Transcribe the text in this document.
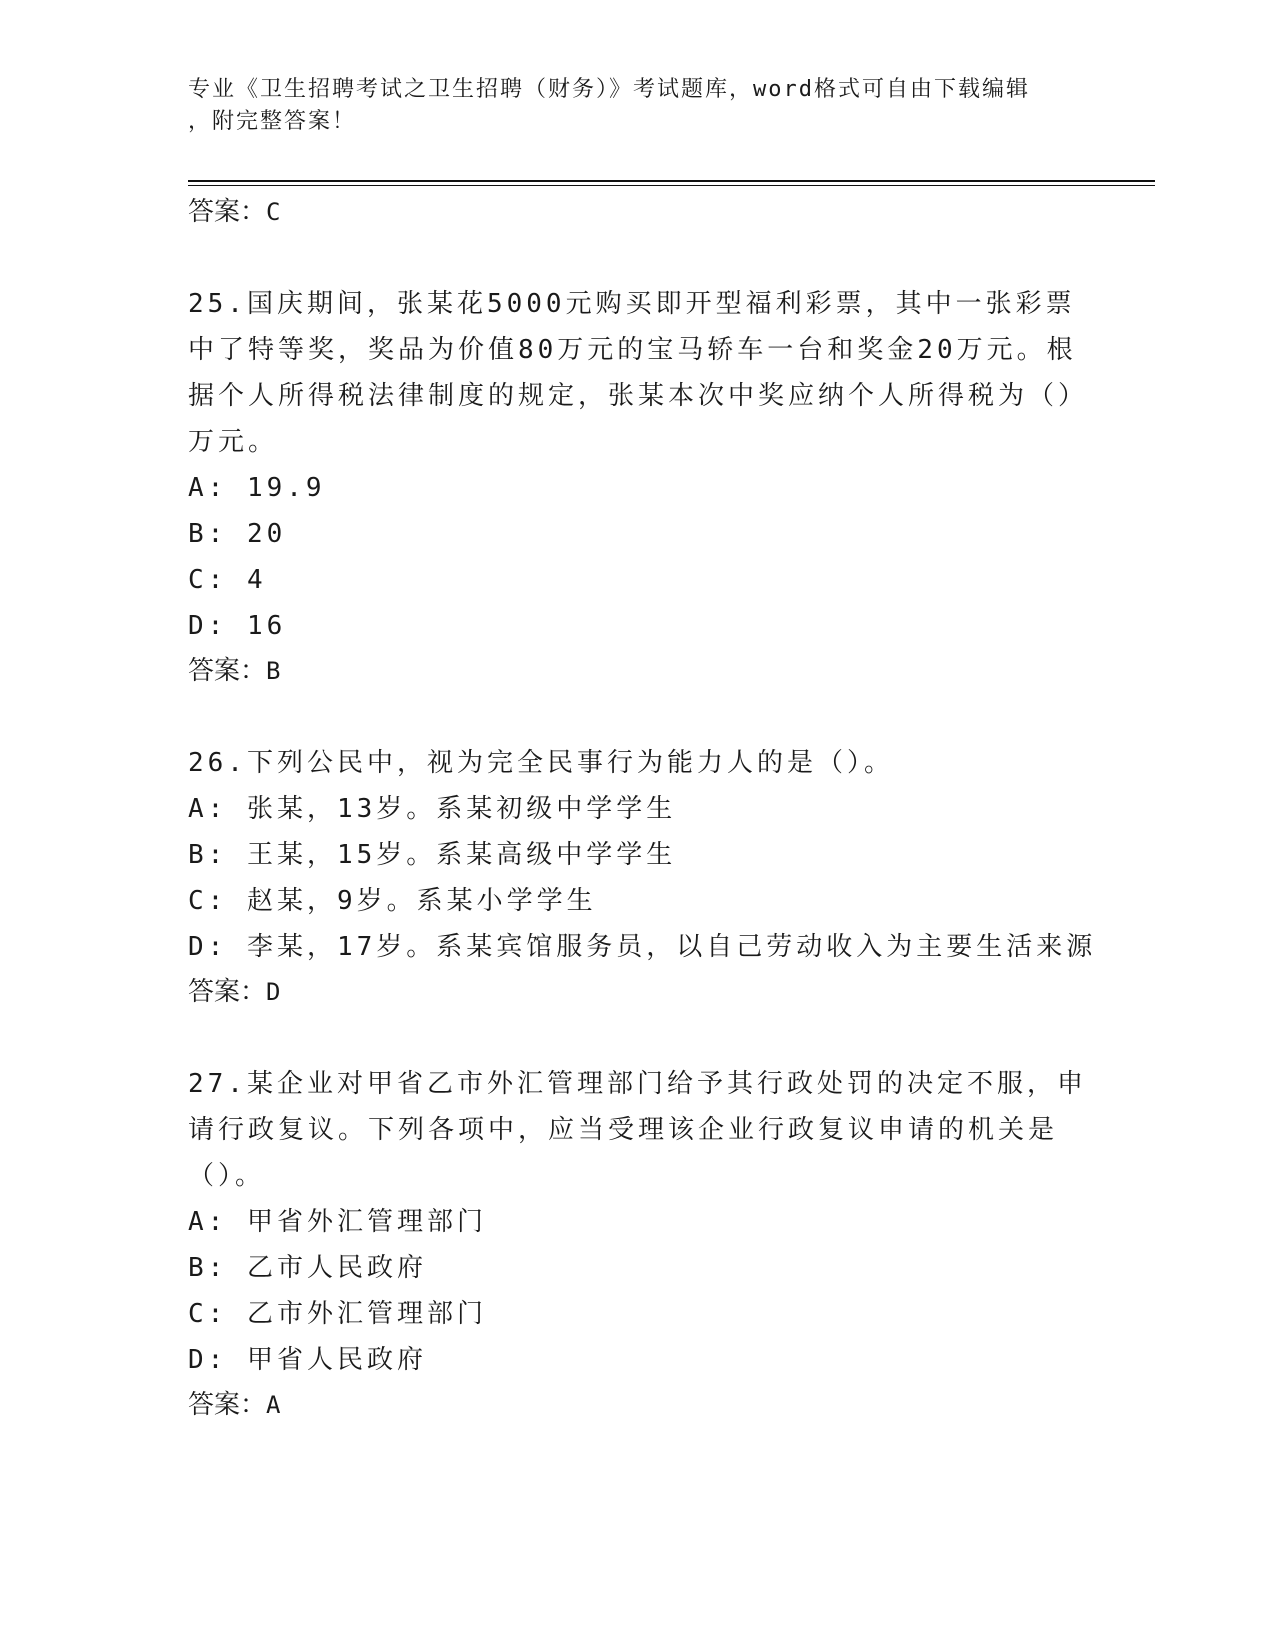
专业《卫生招聘考试之卫生招聘（财务）》考试题库，word格式可自由下载编辑
，附完整答案！
答案：C
25.国庆期间，张某花5000元购买即开型福利彩票，其中一张彩票中了特等奖，奖品为价值80万元的宝马轿车一台和奖金20万元。根据个人所得税法律制度的规定，张某本次中奖应纳个人所得税为（）万元。
A: 19.9
B: 20
C: 4
D: 16
答案：B
26.下列公民中，视为完全民事行为能力人的是（）。
A: 张某，13岁。系某初级中学学生
B: 王某，15岁。系某高级中学学生
C: 赵某，9岁。系某小学学生
D: 李某，17岁。系某宾馆服务员，以自己劳动收入为主要生活来源
答案：D
27.某企业对甲省乙市外汇管理部门给予其行政处罚的决定不服，申请行政复议。下列各项中，应当受理该企业行政复议申请的机关是（）。
A: 甲省外汇管理部门
B: 乙市人民政府
C: 乙市外汇管理部门
D: 甲省人民政府
答案：A
